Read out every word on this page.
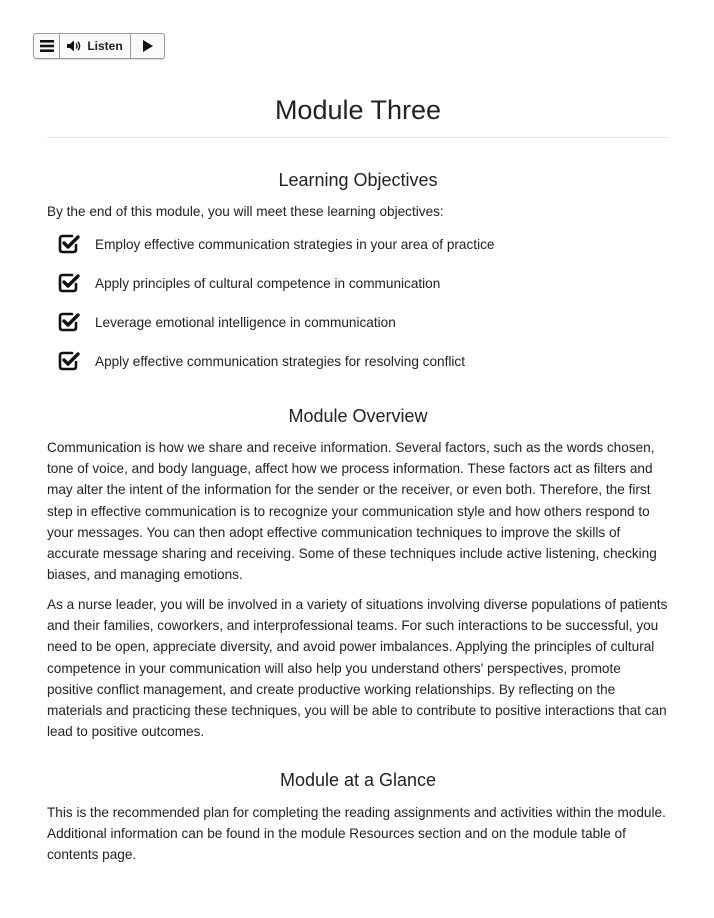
Listen
Module Three
Learning Objectives

By the end of this module, you will meet these learning objectives:

Employ effective communication strategies in your area of practice
Apply principles of cultural competence in communication
Leverage emotional intelligence in communication
Apply effective communication strategies for resolving conflict
Module Overview

Communication is how we share and receive information. Several factors, such as the words chosen, tone of voice, and body language, affect how we process information. These factors act as filters and may alter the intent of the information for the sender or the receiver, or even both. Therefore, the first step in effective communication is to recognize your communication style and how others respond to your messages. You can then adopt effective communication techniques to improve the skills of accurate message sharing and receiving. Some of these techniques include active listening, checking biases, and managing emotions.

As a nurse leader, you will be involved in a variety of situations involving diverse populations of patients and their families, coworkers, and interprofessional teams. For such interactions to be successful, you need to be open, appreciate diversity, and avoid power imbalances. Applying the principles of cultural competence in your communication will also help you understand others' perspectives, promote positive conflict management, and create productive working relationships. By reflecting on the materials and practicing these techniques, you will be able to contribute to positive interactions that can lead to positive outcomes.

Module at a Glance

This is the recommended plan for completing the reading assignments and activities within the module. Additional information can be found in the module Resources section and on the module table of contents page.
